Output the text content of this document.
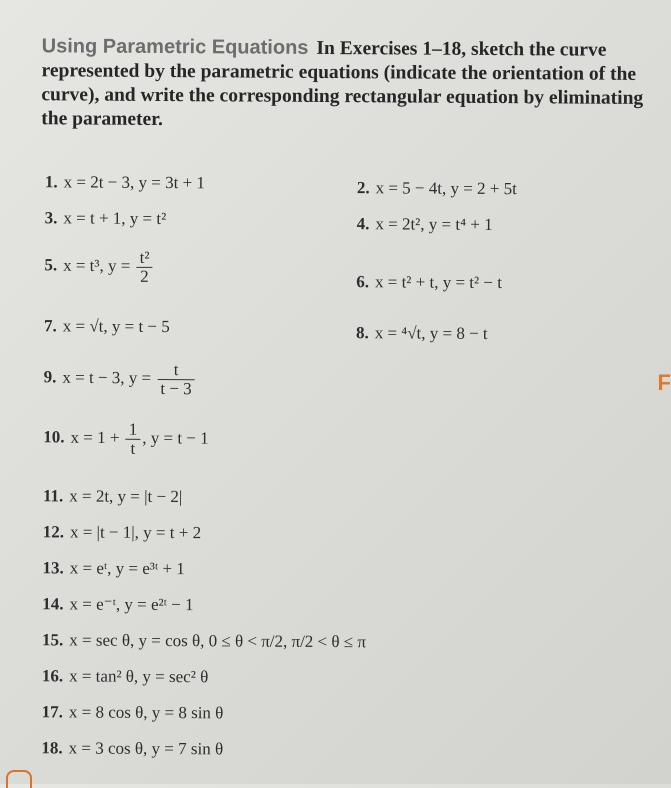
Using Parametric Equations In Exercises 1–18, sketch the curve represented by the parametric equations (indicate the orientation of the curve), and write the corresponding rectangular equation by eliminating the parameter.
1. x = 2t − 3, y = 3t + 1	2. x = 5 − 4t, y = 2 + 5t
3. x = t + 1, y = t²	4. x = 2t², y = t⁴ + 1
5. x = t³, $y = \frac{\text{t²}}{2}$	6. x = t² + t, y = t² − t
7. x = √t, y = t − 5	8. x = ⁴√t, y = 8 − t
9. x = t − 3, $y = \frac{t}{t - 3}$
10. $x = 1 + \frac{1}{t}$ , y = t − 1
11. x = 2t, y = |t − 2|
12. x = |t − 1|, y = t + 2
13. x = eᵗ, y = e³ᵗ + 1
14. x = e⁻ᵗ, y = e²ᵗ − 1
15. x = sec θ, y = cos θ, 0 ≤ θ < π/2, π/2 < θ ≤ π
16. x = tan² θ, y = sec² θ
17. x = 8 cos θ, y = 8 sin θ
18. x = 3 cos θ, y = 7 sin θ
F
